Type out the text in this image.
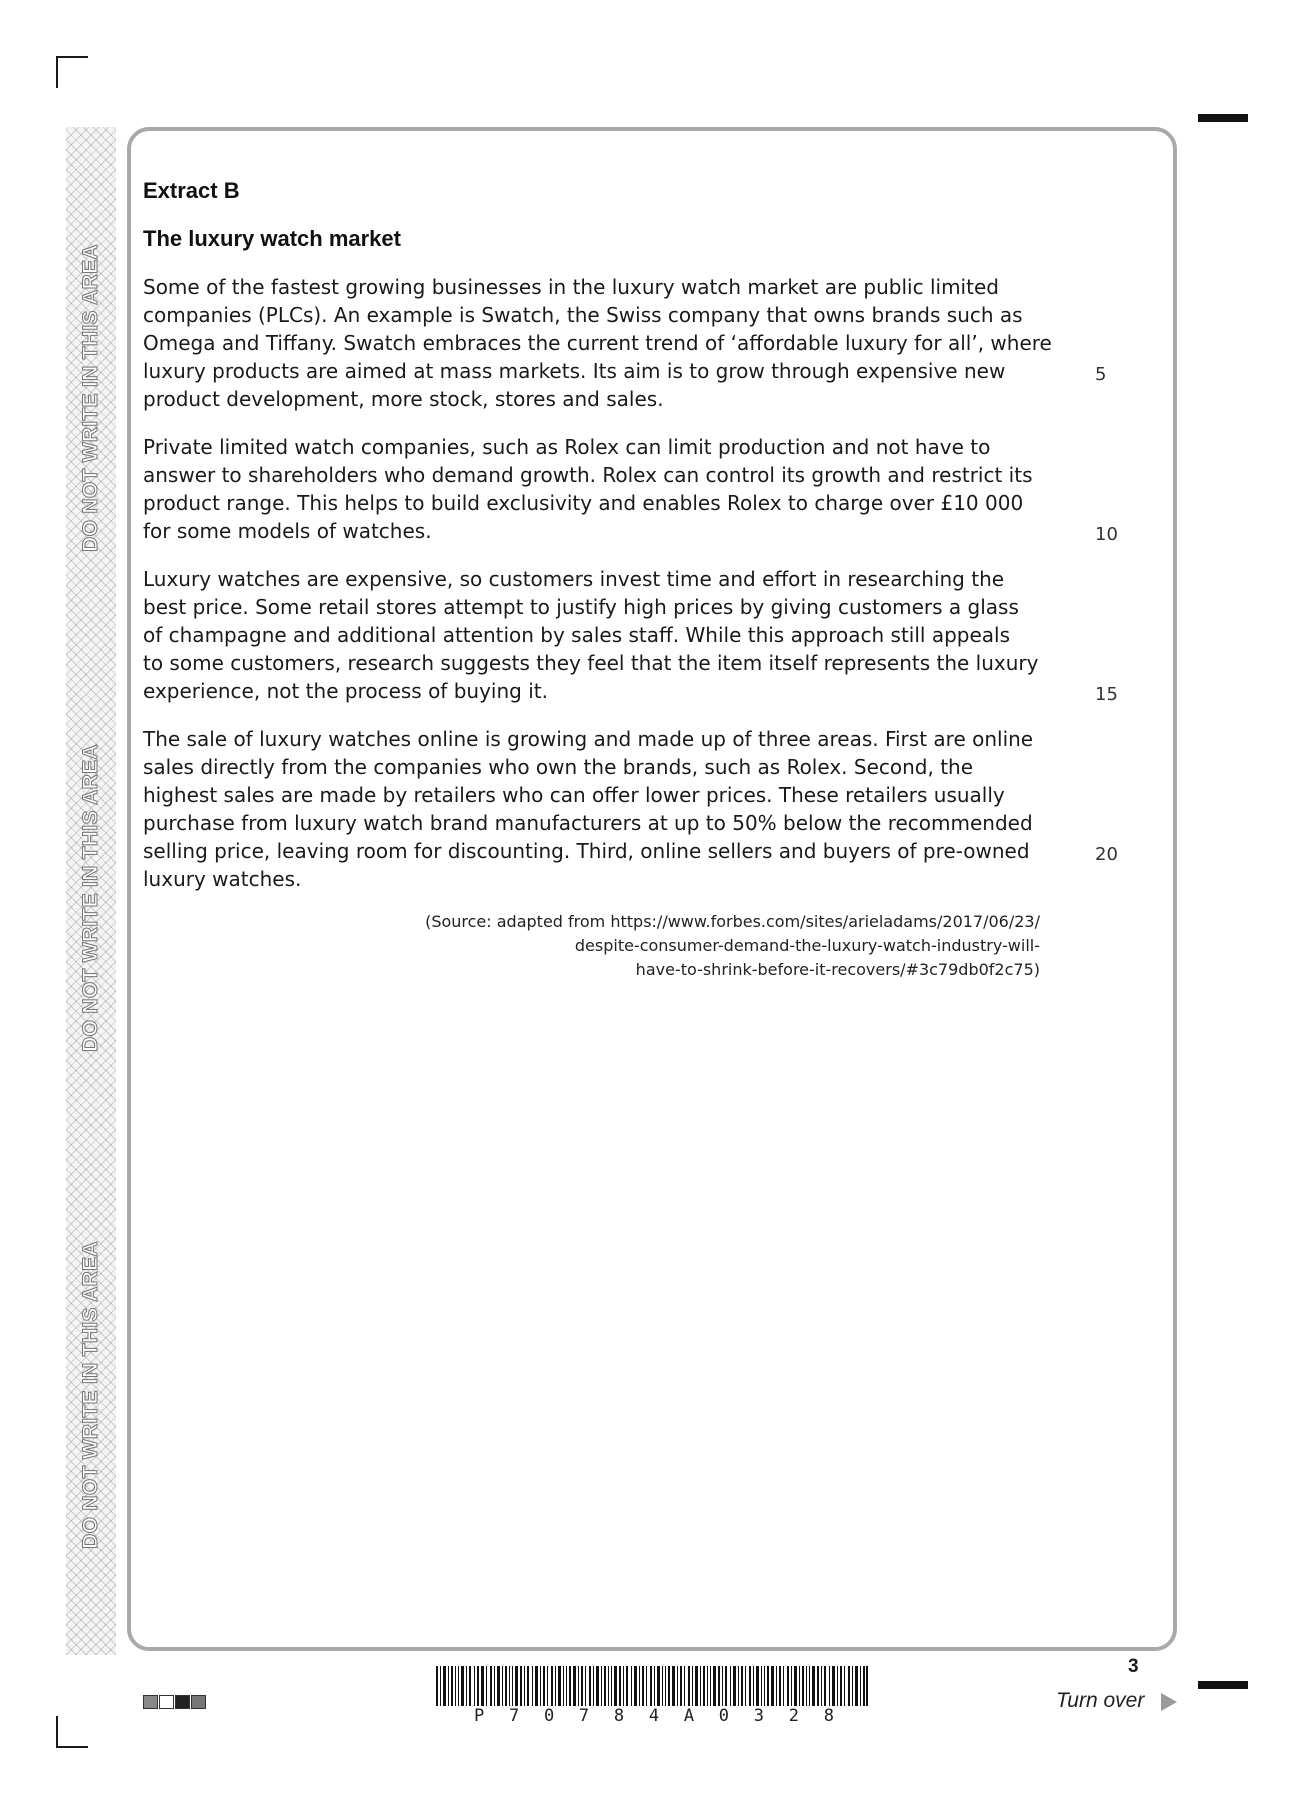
DO NOT WRITE IN THIS AREA
DO NOT WRITE IN THIS AREA
DO NOT WRITE IN THIS AREA
Extract B
The luxury watch market

Some of the fastest growing businesses in the luxury watch market are public limited
companies (PLCs). An example is Swatch, the Swiss company that owns brands such as
Omega and Tiffany. Swatch embraces the current trend of ‘affordable luxury for all’, where
luxury products are aimed at mass markets. Its aim is to grow through expensive new
product development, more stock, stores and sales.

Private limited watch companies, such as Rolex can limit production and not have to
answer to shareholders who demand growth. Rolex can control its growth and restrict its
product range. This helps to build exclusivity and enables Rolex to charge over £10 000
for some models of watches.

Luxury watches are expensive, so customers invest time and effort in researching the
best price. Some retail stores attempt to justify high prices by giving customers a glass
of champagne and additional attention by sales staff. While this approach still appeals
to some customers, research suggests they feel that the item itself represents the luxury
experience, not the process of buying it.

The sale of luxury watches online is growing and made up of three areas. First are online
sales directly from the companies who own the brands, such as Rolex. Second, the
highest sales are made by retailers who can offer lower prices. These retailers usually
purchase from luxury watch brand manufacturers at up to 50% below the recommended
selling price, leaving room for discounting. Third, online sellers and buyers of pre-owned
luxury watches.

5
10
15
20
(Source: adapted from https://www.forbes.com/sites/arieladams/2017/06/23/
despite-consumer-demand-the-luxury-watch-industry-will-
have-to-shrink-before-it-recovers/#3c79db0f2c75)
P 7 0 7 8 4 A 0 3 2 8
3
Turn over
